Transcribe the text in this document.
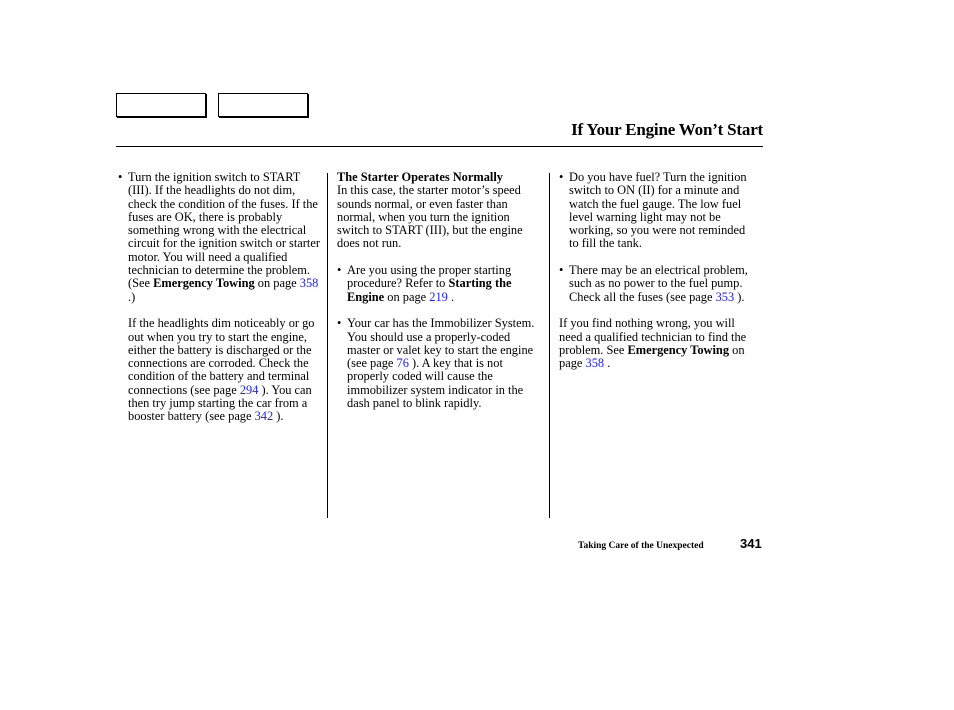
If Your Engine Won’t Start
• Turn the ignition switch to START (III). If the headlights do not dim, check the condition of the fuses. If the fuses are OK, there is probably something wrong with the electrical circuit for the ignition switch or starter motor. You will need a qualified technician to determine the problem. (See Emergency Towing on page 358 .)
If the headlights dim noticeably or go out when you try to start the engine, either the battery is discharged or the connections are corroded. Check the condition of the battery and terminal connections (see page 294 ). You can then try jump starting the car from a booster battery (see page 342 ).
The Starter Operates Normally
In this case, the starter motor’s speed sounds normal, or even faster than normal, when you turn the ignition switch to START (III), but the engine does not run.
• Are you using the proper starting procedure? Refer to Starting the Engine on page 219 .
• Your car has the Immobilizer System. You should use a properly-coded master or valet key to start the engine (see page 76 ). A key that is not properly coded will cause the immobilizer system indicator in the dash panel to blink rapidly.
• Do you have fuel? Turn the ignition switch to ON (II) for a minute and watch the fuel gauge. The low fuel level warning light may not be working, so you were not reminded to fill the tank.
• There may be an electrical problem, such as no power to the fuel pump. Check all the fuses (see page 353 ).
If you find nothing wrong, you will need a qualified technician to find the problem. See Emergency Towing on page 358 .
Taking Care of the Unexpected	341
